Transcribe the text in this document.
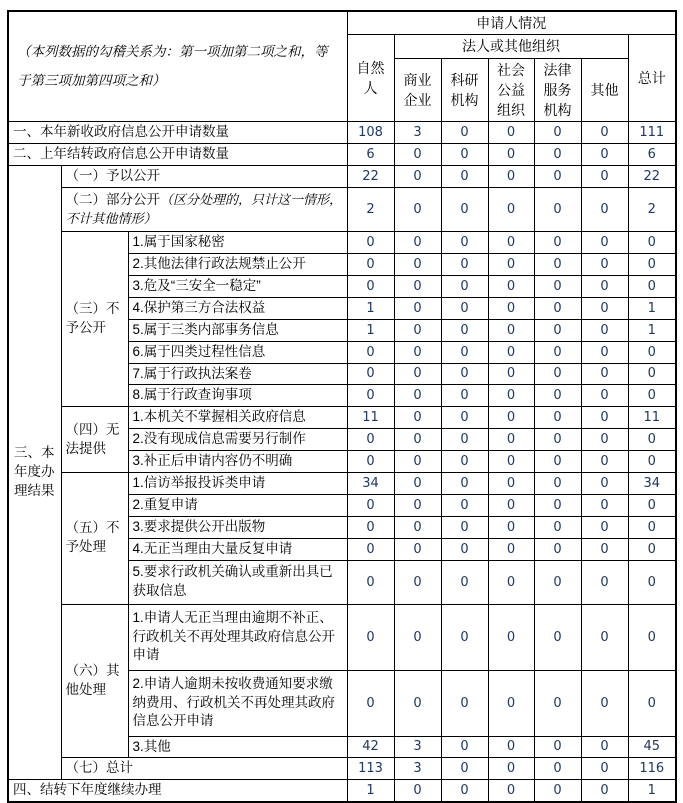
（本列数据的勾稽关系为：第一项加第二项之和，等于第三项加第四项之和）			申请人情况						
			自然人	法人或其他组织					总计
				商业企业	科研机构	社会公益组织	法律服务机构	其他	
一、本年新收政府信息公开申请数量			108	3	0	0	0	0	111
二、上年结转政府信息公开申请数量			6	0	0	0	0	0	6
三、本年度办理结果	（一）予以公开		22	0	0	0	0	0	22
	（二）部分公开（区分处理的，只计这一情形，不计其他情形）		2	0	0	0	0	0	2
	（三）不予公开	1.属于国家秘密	0	0	0	0	0	0	0
		2.其他法律行政法规禁止公开	0	0	0	0	0	0	0
		3.危及“三安全一稳定”	0	0	0	0	0	0	0
		4.保护第三方合法权益	1	0	0	0	0	0	1
		5.属于三类内部事务信息	1	0	0	0	0	0	1
		6.属于四类过程性信息	0	0	0	0	0	0	0
		7.属于行政执法案卷	0	0	0	0	0	0	0
		8.属于行政查询事项	0	0	0	0	0	0	0
	（四）无法提供	1.本机关不掌握相关政府信息	11	0	0	0	0	0	11
		2.没有现成信息需要另行制作	0	0	0	0	0	0	0
		3.补正后申请内容仍不明确	0	0	0	0	0	0	0
	（五）不予处理	1.信访举报投诉类申请	34	0	0	0	0	0	34
		2.重复申请	0	0	0	0	0	0	0
		3.要求提供公开出版物	0	0	0	0	0	0	0
		4.无正当理由大量反复申请	0	0	0	0	0	0	0
		5.要求行政机关确认或重新出具已获取信息	0	0	0	0	0	0	0
	（六）其他处理	1.申请人无正当理由逾期不补正、行政机关不再处理其政府信息公开申请	0	0	0	0	0	0	0
		2.申请人逾期未按收费通知要求缴纳费用、行政机关不再处理其政府信息公开申请	0	0	0	0	0	0	0
		3.其他	42	3	0	0	0	0	45
	（七）总计		113	3	0	0	0	0	116
四、结转下年度继续办理			1	0	0	0	0	0	1
